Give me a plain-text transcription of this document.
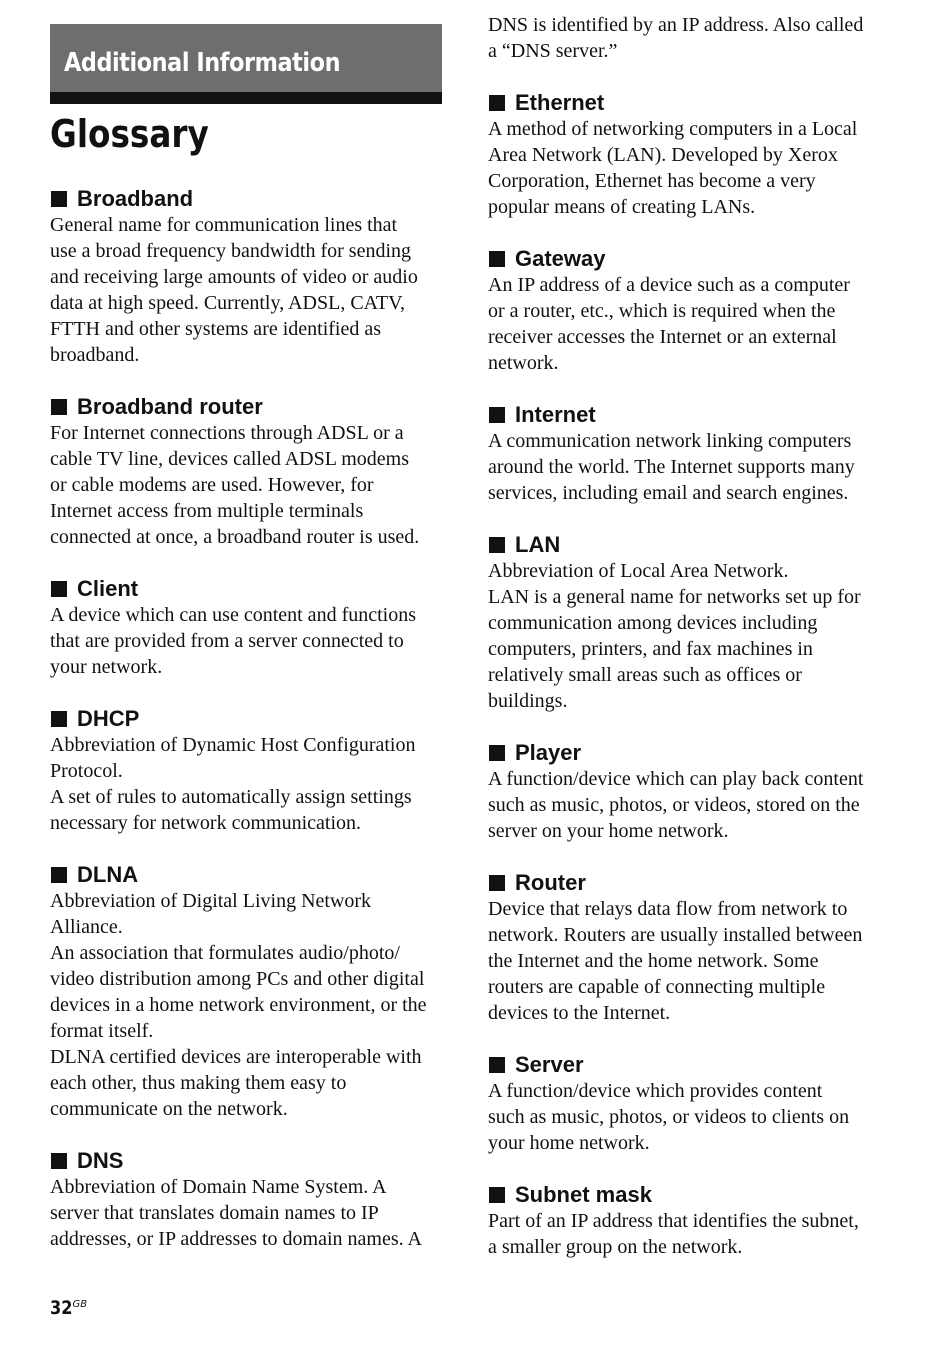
Additional Information
Glossary
Broadband
General name for communication lines that
use a broad frequency bandwidth for sending
and receiving large amounts of video or audio
data at high speed. Currently, ADSL, CATV,
FTTH and other systems are identified as
broadband.
Broadband router
For Internet connections through ADSL or a
cable TV line, devices called ADSL modems
or cable modems are used. However, for
Internet access from multiple terminals
connected at once, a broadband router is used.
Client
A device which can use content and functions
that are provided from a server connected to
your network.
DHCP
Abbreviation of Dynamic Host Configuration
Protocol.
A set of rules to automatically assign settings
necessary for network communication.
DLNA
Abbreviation of Digital Living Network
Alliance.
An association that formulates audio/photo/
video distribution among PCs and other digital
devices in a home network environment, or the
format itself.
DLNA certified devices are interoperable with
each other, thus making them easy to
communicate on the network.
DNS
Abbreviation of Domain Name System. A
server that translates domain names to IP
addresses, or IP addresses to domain names. A
DNS is identified by an IP address. Also called
a “DNS server.”
Ethernet
A method of networking computers in a Local
Area Network (LAN). Developed by Xerox
Corporation, Ethernet has become a very
popular means of creating LANs.
Gateway
An IP address of a device such as a computer
or a router, etc., which is required when the
receiver accesses the Internet or an external
network.
Internet
A communication network linking computers
around the world. The Internet supports many
services, including email and search engines.
LAN
Abbreviation of Local Area Network.
LAN is a general name for networks set up for
communication among devices including
computers, printers, and fax machines in
relatively small areas such as offices or
buildings.
Player
A function/device which can play back content
such as music, photos, or videos, stored on the
server on your home network.
Router
Device that relays data flow from network to
network. Routers are usually installed between
the Internet and the home network. Some
routers are capable of connecting multiple
devices to the Internet.
Server
A function/device which provides content
such as music, photos, or videos to clients on
your home network.
Subnet mask
Part of an IP address that identifies the subnet,
a smaller group on the network.
$32^{GB}$
